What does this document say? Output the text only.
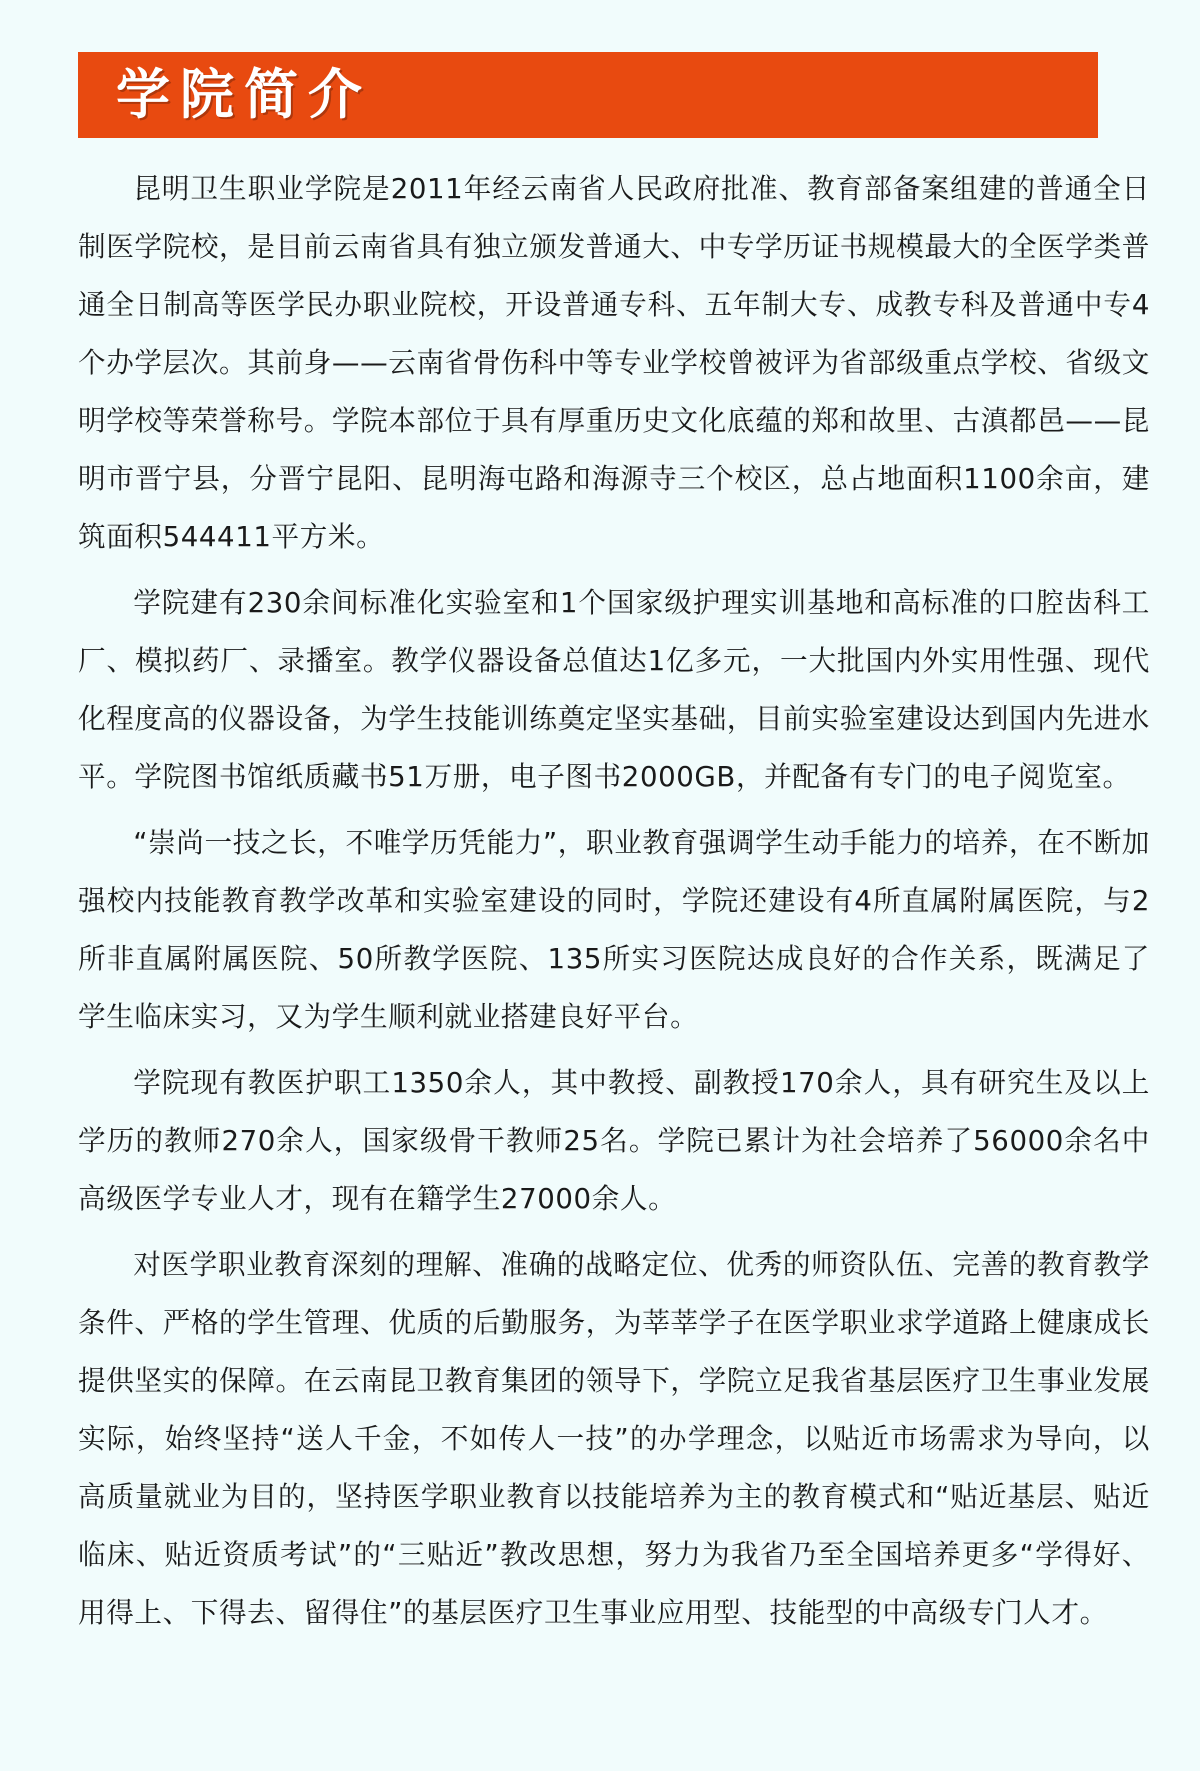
学院简介

昆明卫生职业学院是2011年经云南省人民政府批准、教育部备案组建的普通全日制医学院校，是目前云南省具有独立颁发普通大、中专学历证书规模最大的全医学类普通全日制高等医学民办职业院校，开设普通专科、五年制大专、成教专科及普通中专4个办学层次。其前身——云南省骨伤科中等专业学校曾被评为省部级重点学校、省级文明学校等荣誉称号。学院本部位于具有厚重历史文化底蕴的郑和故里、古滇都邑——昆明市晋宁县，分晋宁昆阳、昆明海屯路和海源寺三个校区，总占地面积1100余亩，建筑面积544411平方米。

学院建有230余间标准化实验室和1个国家级护理实训基地和高标准的口腔齿科工厂、模拟药厂、录播室。教学仪器设备总值达1亿多元，一大批国内外实用性强、现代化程度高的仪器设备，为学生技能训练奠定坚实基础，目前实验室建设达到国内先进水平。学院图书馆纸质藏书51万册，电子图书2000GB，并配备有专门的电子阅览室。

“崇尚一技之长，不唯学历凭能力”，职业教育强调学生动手能力的培养，在不断加强校内技能教育教学改革和实验室建设的同时，学院还建设有4所直属附属医院，与2所非直属附属医院、50所教学医院、135所实习医院达成良好的合作关系，既满足了学生临床实习，又为学生顺利就业搭建良好平台。

学院现有教医护职工1350余人，其中教授、副教授170余人，具有研究生及以上学历的教师270余人，国家级骨干教师25名。学院已累计为社会培养了56000余名中高级医学专业人才，现有在籍学生27000余人。

对医学职业教育深刻的理解、准确的战略定位、优秀的师资队伍、完善的教育教学条件、严格的学生管理、优质的后勤服务，为莘莘学子在医学职业求学道路上健康成长提供坚实的保障。在云南昆卫教育集团的领导下，学院立足我省基层医疗卫生事业发展实际，始终坚持“送人千金，不如传人一技”的办学理念，以贴近市场需求为导向，以高质量就业为目的，坚持医学职业教育以技能培养为主的教育模式和“贴近基层、贴近临床、贴近资质考试”的“三贴近”教改思想，努力为我省乃至全国培养更多“学得好、用得上、下得去、留得住”的基层医疗卫生事业应用型、技能型的中高级专门人才。
